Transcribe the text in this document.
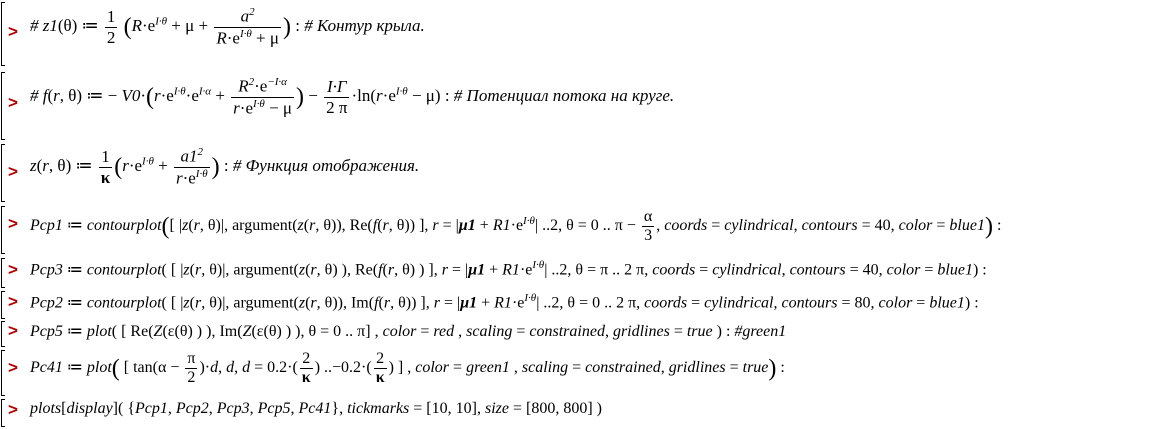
> # z1(θ) ≔ $\frac{1}{2} (R\cdot e^{I\cdot\theta} + \mu + \frac{a^2}{R\cdot e^{I\cdot\theta} + \mu}$ ) : # Контур крыла.
> # f(r, θ) ≔ − $V0\cdot(r\cdot e^{I\cdot\theta}\cdot e^{I\cdot\alpha} + \frac{R^2\cdot e^{-I\cdot\alpha}}{r\cdot e^{I\cdot\theta} - \mu}$ ) − $\frac{I\cdot\Gamma}{2 \pi} \cdot\ln(r\cdot e^{I\cdot\theta} - \mu)$ : # Потенциал потока на круге.
> z(r, θ) ≔ $\frac{1}{\kappa} (r\cdot e^{I\cdot\theta} + \frac{a1^2}{r\cdot e^{I\cdot\theta}}$ ) : # Функция отображения.
> Pcp1 ≔ contourplot([ |z(r, θ)|, argument(z(r, θ)), Re(f(r, θ)) ], $r = |\mu 1 + R1\cdot e^{I\cdot\theta}|$ ..2, θ = 0 .. $\pi - \frac{\alpha}{3}$ , coords = cylindrical, contours = 40, color = blue1) :
> Pcp3 ≔ contourplot( [ |z(r, θ)|, argument(z(r, θ) ), Re(f(r, θ) ) ], $r = |\mu 1 + R1\cdot e^{I\cdot\theta}|$ ..2, θ = π .. 2 π, coords = cylindrical, contours = 40, color = blue1) :
> Pcp2 ≔ contourplot( [ |z(r, θ)|, argument(z(r, θ)), Im(f(r, θ)) ], $r = |\mu 1 + R1\cdot e^{I\cdot\theta}|$ ..2, θ = 0 .. 2 π, coords = cylindrical, contours = 80, color = blue1) :
> Pcp5 ≔ plot( [ Re(Z(ε(θ) ) ), Im(Z(ε(θ) ) ), θ = 0 .. π] , color = red , scaling = constrained, gridlines = true ) : #green1
> Pc41 ≔ plot( [ $\tan(\alpha - \frac{\pi}{2} )\cdot d$, d, $d = 0.2\cdot( \frac{2}{\kappa}$ ) $..-0.2\cdot( \frac{2}{\kappa}$ ) ] , color = green1 , scaling = constrained, gridlines = true) :
> plots[display]( {Pcp1, Pcp2, Pcp3, Pcp5, Pc41}, tickmarks = [10, 10], size = [800, 800] )
